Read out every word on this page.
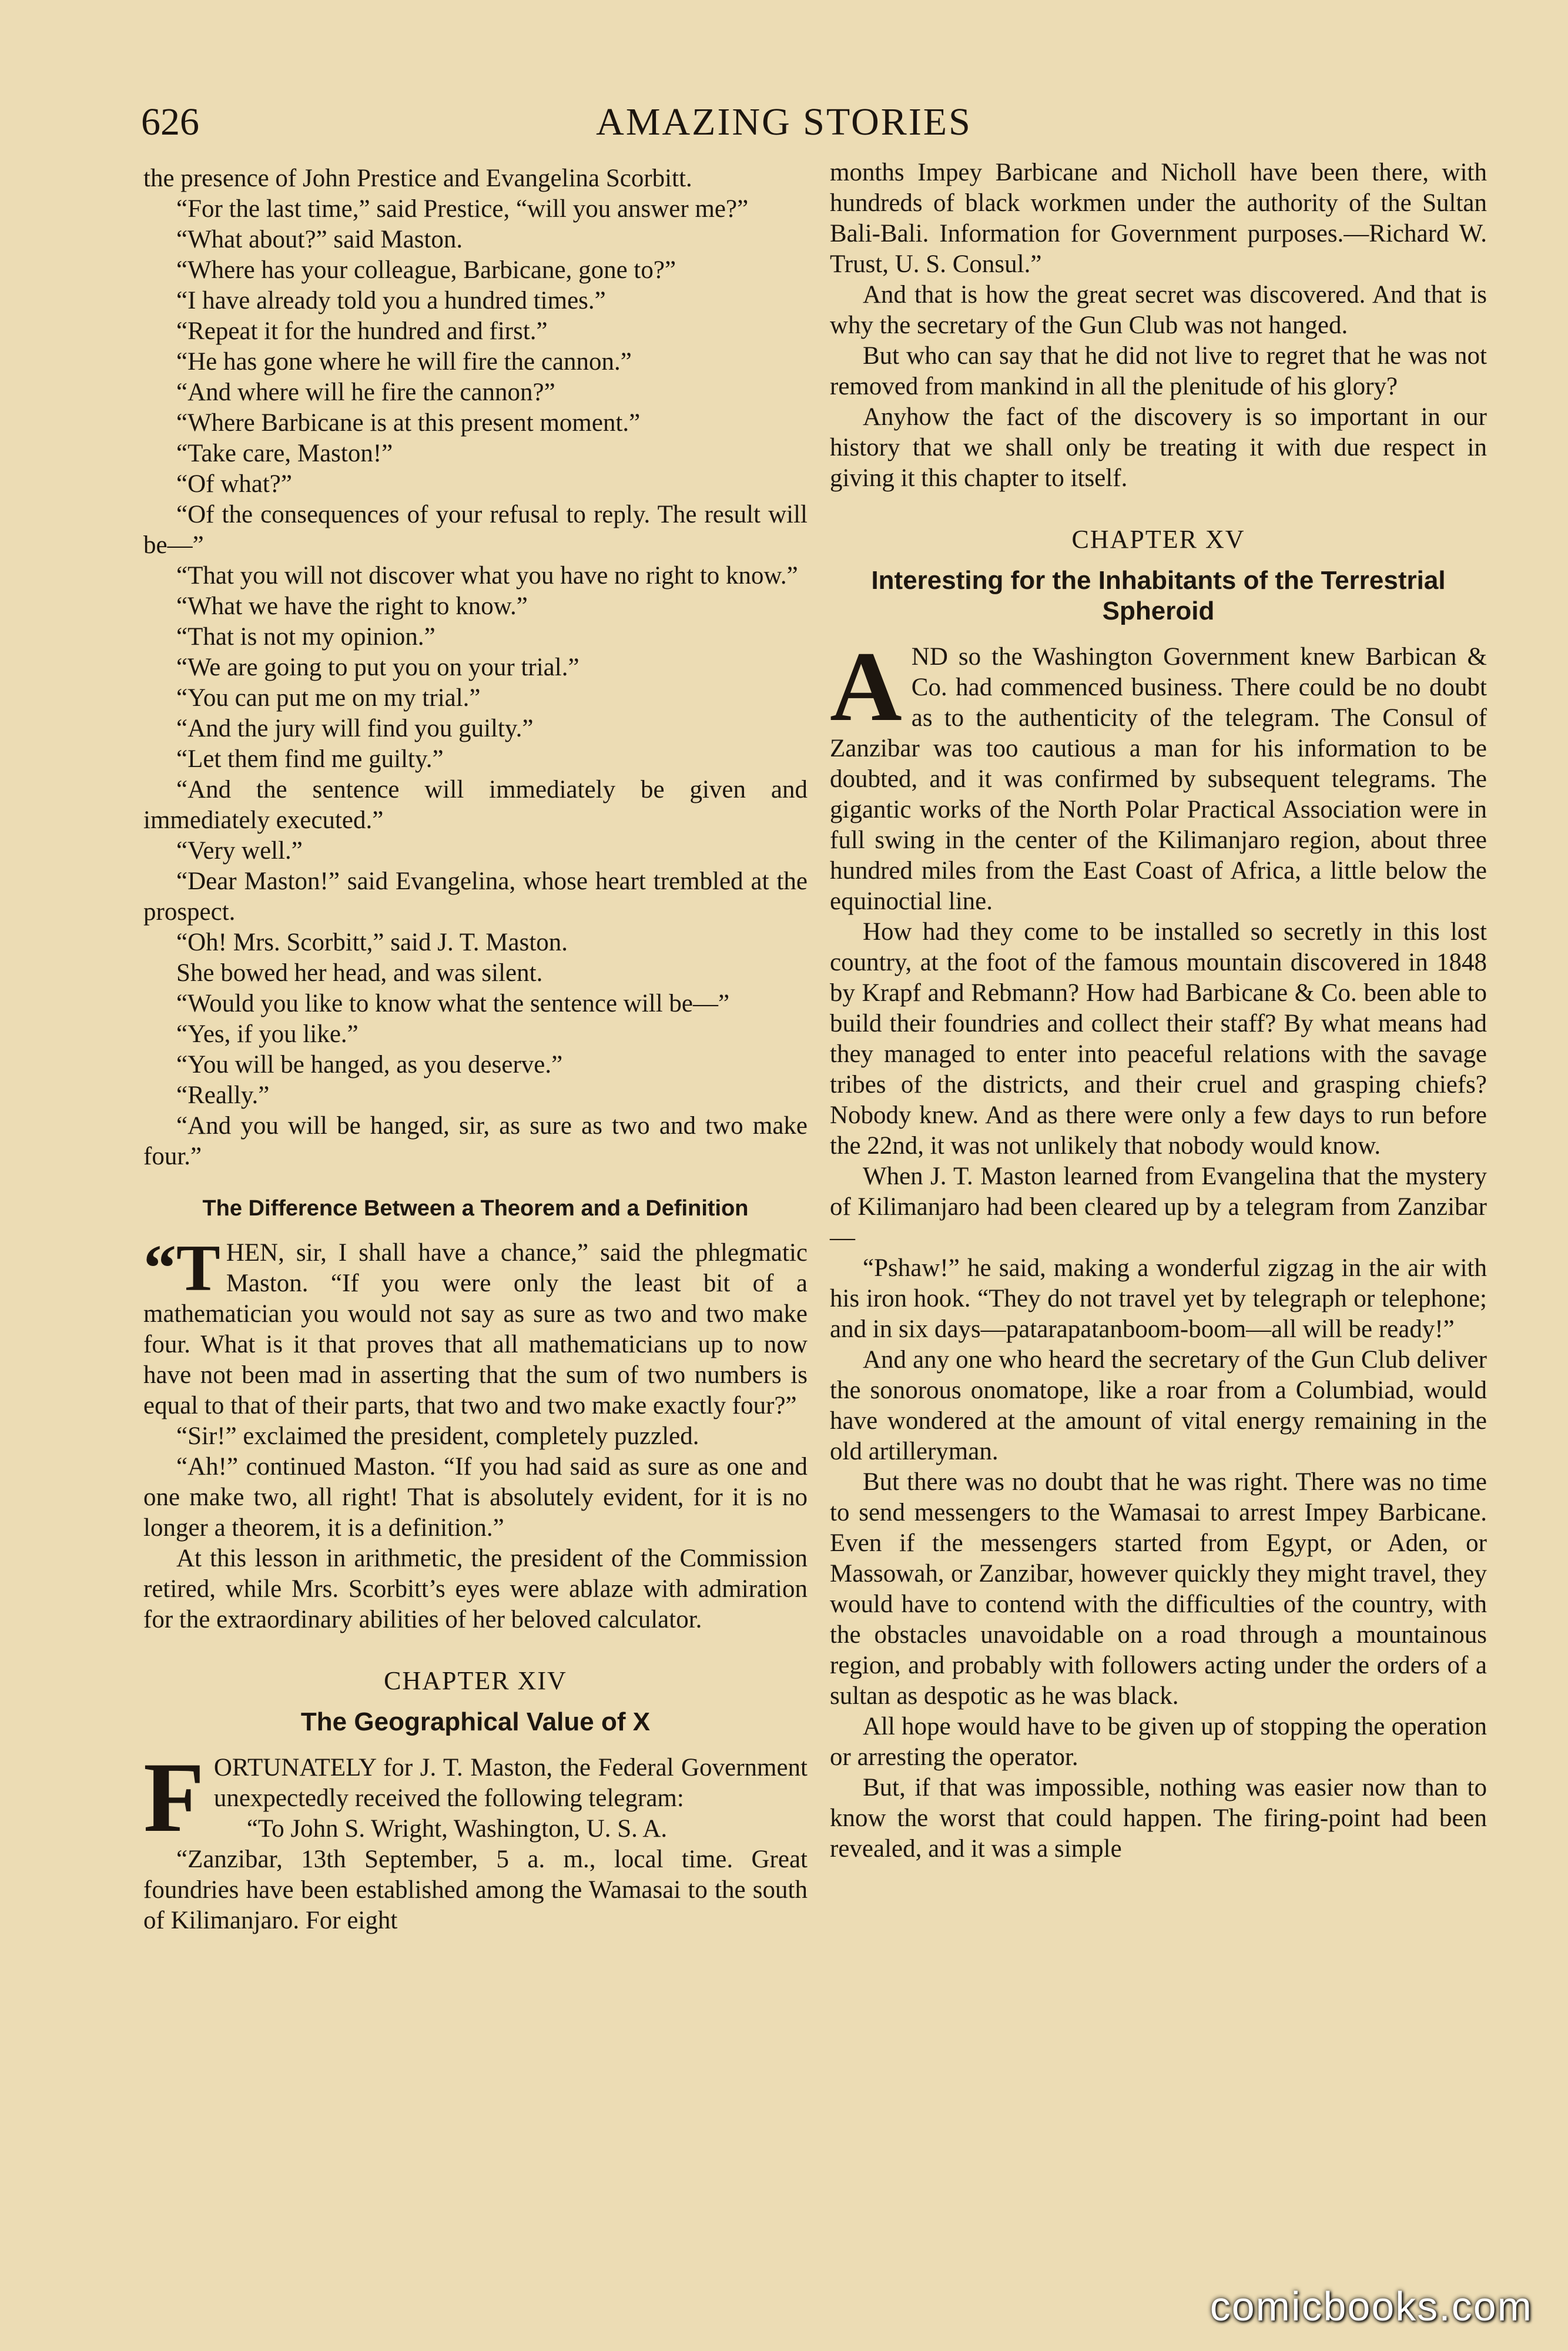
AMAZING STORIES
626

the presence of John Prestice and Evangelina Scorbitt.

“For the last time,” said Prestice, “will you answer me?”

“What about?” said Maston.

“Where has your colleague, Barbicane, gone to?”

“I have already told you a hundred times.”

“Repeat it for the hundred and first.”

“He has gone where he will fire the cannon.”

“And where will he fire the cannon?”

“Where Barbicane is at this present moment.”

“Take care, Maston!”

“Of what?”

“Of the consequences of your refusal to reply. The result will be—”

“That you will not discover what you have no right to know.”

“What we have the right to know.”

“That is not my opinion.”

“We are going to put you on your trial.”

“You can put me on my trial.”

“And the jury will find you guilty.”

“Let them find me guilty.”

“And the sentence will immediately be given and immediately executed.”

“Very well.”

“Dear Maston!” said Evangelina, whose heart trembled at the prospect.

“Oh! Mrs. Scorbitt,” said J. T. Maston.

She bowed her head, and was silent.

“Would you like to know what the sentence will be—”

“Yes, if you like.”

“You will be hanged, as you deserve.”

“Really.”

“And you will be hanged, sir, as sure as two and two make four.”

The Difference Between a Theorem and a Definition

“T HEN, sir, I shall have a chance,” said the phlegmatic Maston. “If you were only the least bit of a mathematician you would not say as sure as two and two make four. What is it that proves that all mathematicians up to now have not been mad in asserting that the sum of two numbers is equal to that of their parts, that two and two make exactly four?”

“Sir!” exclaimed the president, completely puzzled.

“Ah!” continued Maston. “If you had said as sure as one and one make two, all right! That is absolutely evident, for it is no longer a theorem, it is a definition.”

At this lesson in arithmetic, the president of the Commission retired, while Mrs. Scorbitt’s eyes were ablaze with admiration for the extraordinary abilities of her beloved calculator.

CHAPTER XIV
The Geographical Value of X

F ORTUNATELY for J. T. Maston, the Federal Government unexpectedly received the following telegram:

“To John S. Wright, Washington, U. S. A.

“Zanzibar, 13th September, 5 a. m., local time. Great foundries have been established among the Wamasai to the south of Kilimanjaro. For eight

months Impey Barbicane and Nicholl have been there, with hundreds of black workmen under the authority of the Sultan Bali-Bali. Information for Government purposes.—Richard W. Trust, U. S. Consul.”

And that is how the great secret was discovered. And that is why the secretary of the Gun Club was not hanged.

But who can say that he did not live to regret that he was not removed from mankind in all the plenitude of his glory?

Anyhow the fact of the discovery is so important in our history that we shall only be treating it with due respect in giving it this chapter to itself.

CHAPTER XV
Interesting for the Inhabitants of the Terrestrial Spheroid

A ND so the Washington Government knew Barbican & Co. had commenced business. There could be no doubt as to the authenticity of the telegram. The Consul of Zanzibar was too cautious a man for his information to be doubted, and it was confirmed by subsequent telegrams. The gigantic works of the North Polar Practical Association were in full swing in the center of the Kilimanjaro region, about three hundred miles from the East Coast of Africa, a little below the equinoctial line.

How had they come to be installed so secretly in this lost country, at the foot of the famous mountain discovered in 1848 by Krapf and Rebmann? How had Barbicane & Co. been able to build their foundries and collect their staff? By what means had they managed to enter into peaceful relations with the savage tribes of the districts, and their cruel and grasping chiefs? Nobody knew. And as there were only a few days to run before the 22nd, it was not unlikely that nobody would know.

When J. T. Maston learned from Evangelina that the mystery of Kilimanjaro had been cleared up by a telegram from Zanzibar—

“Pshaw!” he said, making a wonderful zigzag in the air with his iron hook. “They do not travel yet by telegraph or telephone; and in six days—patarapatanboom-boom—all will be ready!”

And any one who heard the secretary of the Gun Club deliver the sonorous onomatope, like a roar from a Columbiad, would have wondered at the amount of vital energy remaining in the old artilleryman.

But there was no doubt that he was right. There was no time to send messengers to the Wamasai to arrest Impey Barbicane. Even if the messengers started from Egypt, or Aden, or Massowah, or Zanzibar, however quickly they might travel, they would have to contend with the difficulties of the country, with the obstacles unavoidable on a road through a mountainous region, and probably with followers acting under the orders of a sultan as despotic as he was black.

All hope would have to be given up of stopping the operation or arresting the operator.

But, if that was impossible, nothing was easier now than to know the worst that could happen. The firing-point had been revealed, and it was a simple

comicbooks.com
